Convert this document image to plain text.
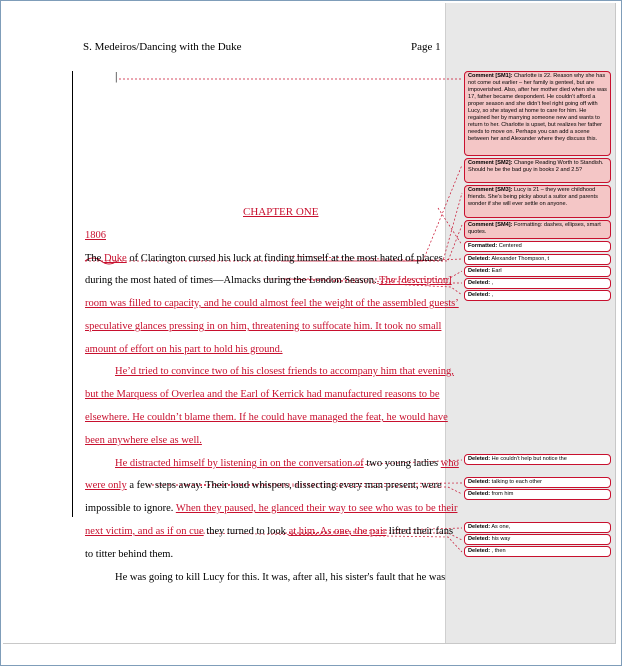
S. Medeiros/Dancing with the Duke	Page 1
|
CHAPTER ONE
1806
The Duke of Clarington cursed his luck at finding himself at the most hated of places
during the most hated of times—Almacks during the London Season. The [description]
room was filled to capacity, and he could almost feel the weight of the assembled guests’
speculative glances pressing in on him, threatening to suffocate him. It took no small
amount of effort on his part to hold his ground.
He’d tried to convince two of his closest friends to accompany him that evening,
but the Marquess of Overlea and the Earl of Kerrick had manufactured reasons to be
elsewhere. He couldn’t blame them. If he could have managed the feat, he would have
been anywhere else as well.
He distracted himself by listening in on the conversation of two young ladies who
were only a few steps away. Their loud whispers, dissecting every man present, were
impossible to ignore. When they paused, he glanced their way to see who was to be their
next victim, and as if on cue they turned to look at him. As one, the pair lifted their fans
to titter behind them.
He was going to kill Lucy for this. It was, after all, his sister's fault that he was
Comment [SM1]: Charlotte is 22. Reason why she has not come out earlier – her family is genteel, but are impoverished. Also, after her mother died when she was 17, father became despondent. He couldn’t afford a proper season and she didn’t feel right going off with Lucy, so she stayed at home to care for him. He regained her by marrying someone new and wants to return to her. Charlotte is upset, but realizes her father needs to move on. Perhaps you can add a scene between her and Alexander where they discuss this.
Comment [SM2]: Change Reading Worth to Standish. Should he be the bad guy in books 2 and 2.5?
Comment [SM3]: Lucy is 21 – they were childhood friends. She’s being picky about a suitor and parents wonder if she will ever settle on anyone.
Comment [SM4]: Formatting: dashes, ellipses, smart quotes.
Formatted: Centered
Deleted: Alexander Thompson, t
Deleted: Earl
Deleted: ,
Deleted: ,
Deleted: He couldn’t help but notice the
Deleted: talking to each other
Deleted: from him
Deleted: As one,
Deleted: his way
Deleted: , then
